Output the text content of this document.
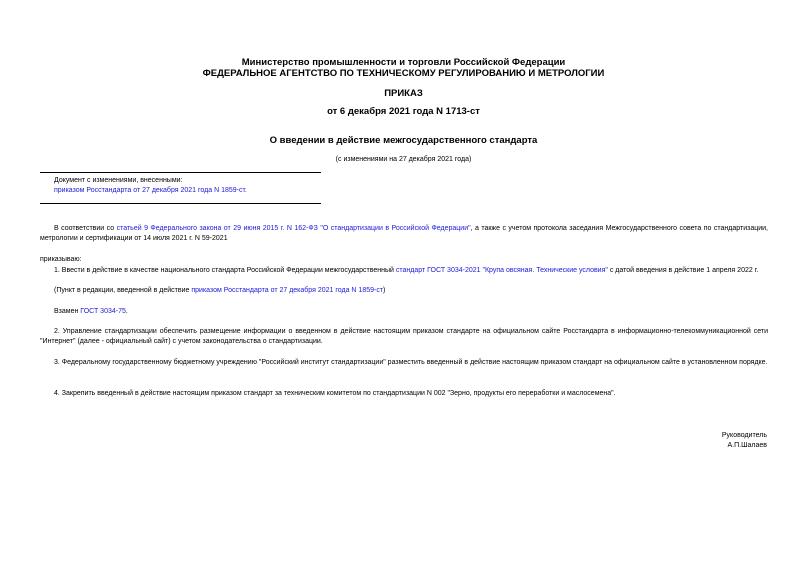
Министерство промышленности и торговли Российской Федерации
ФЕДЕРАЛЬНОЕ АГЕНТСТВО ПО ТЕХНИЧЕСКОМУ РЕГУЛИРОВАНИЮ И МЕТРОЛОГИИ
ПРИКАЗ
от 6 декабря 2021 года N 1713-ст
О введении в действие межгосударственного стандарта
(с изменениями на 27 декабря 2021 года)
Документ с изменениями, внесенными:
приказом Росстандарта от 27 декабря 2021 года N 1859-ст.
В соответствии со статьей 9 Федерального закона от 29 июня 2015 г. N 162-ФЗ "О стандартизации в Российской Федерации", а также с учетом протокола заседания Межгосударственного совета по стандартизации, метрологии и сертификации от 14 июля 2021 г. N 59-2021
приказываю:
1. Ввести в действие в качестве национального стандарта Российской Федерации межгосударственный стандарт ГОСТ 3034-2021 "Крупа овсяная. Технические условия" с датой введения в действие 1 апреля 2022 г.
(Пункт в редакции, введенной в действие приказом Росстандарта от 27 декабря 2021 года N 1859-ст)
Взамен ГОСТ 3034-75.
2. Управление стандартизации обеспечить размещение информации о введенном в действие настоящим приказом стандарте на официальном сайте Росстандарта в информационно-телекоммуникационной сети "Интернет" (далее - официальный сайт) с учетом законодательства о стандартизации.
3. Федеральному государственному бюджетному учреждению "Российский институт стандартизации" разместить введенный в действие настоящим приказом стандарт на официальном сайте в установленном порядке.
4. Закрепить введенный в действие настоящим приказом стандарт за техническим комитетом по стандартизации N 002 "Зерно, продукты его переработки и маслосемена".
Руководитель
А.П.Шалаев
